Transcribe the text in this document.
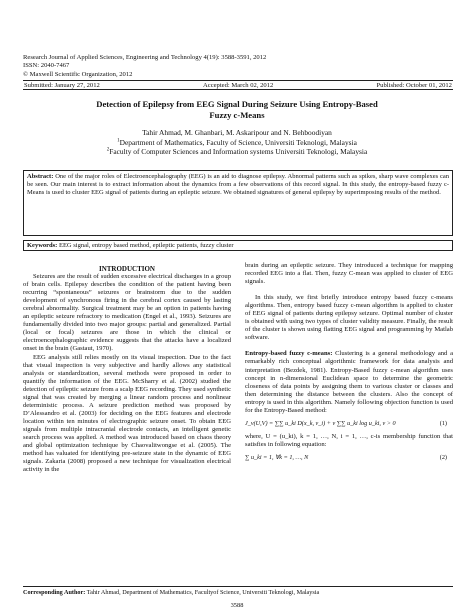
Research Journal of Applied Sciences, Engineering and Technology 4(19): 3588-3591, 2012
ISSN: 2040-7467
© Maxwell Scientific Organization, 2012
Submitted: January 27, 2012	Accepted: March 02, 2012	Published: October 01, 2012
Detection of Epilepsy from EEG Signal During Seizure Using Entropy-Based
Fuzzy c-Means
Tahir Ahmad, M. Ghanbari, M. Askaripour and N. Behboodiyan
$^1$Department of Mathematics, Faculty of Science, Universiti Teknologi, Malaysia
$^2$Faculty of Computer Sciences and Information systems Universiti Teknologi, Malaysia
Abstract: One of the major roles of Electroencephalography (EEG) is an aid to diagnose epilepsy. Abnormal patterns such as spikes, sharp wave complexes can be seen. Our main interest is to extract information about the dynamics from a few observations of this record signal. In this study, the entropy-based fuzzy c-Means is used to cluster EEG signal of patients during an epileptic seizure. We obtained signatures of general epilepsy by superimposing results of the method.
Keywords: EEG signal, entropy based method, epileptic patients, fuzzy cluster

INTRODUCTION

Seizures are the result of sudden excessive electrical discharges in a group of brain cells. Epilepsy describes the condition of the patient having been recurring “spontaneous” seizures or brainstorm due to the sudden development of synchronous firing in the cerebral cortex caused by lasting cerebral abnormality. Surgical treatment may be an option in patients having an epileptic seizure refractory to medication (Engel et al., 1993). Seizures are fundamentally divided into two major groups: partial and generalized. Partial (local or focal) seizures are those in which the clinical or electroencephalographic evidence suggests that the attacks have a localized onset in the brain (Gastaut, 1970).

EEG analysis still relies mostly on its visual inspection. Due to the fact that visual inspection is very subjective and hardly allows any statistical analysis or standardization, several methods were proposed in order to quantify the information of the EEG. McSharry et al. (2002) studied the detection of epileptic seizure from a scalp EEG recording. They used synthetic signal that was created by merging a linear random process and nonlinear deterministic process. A seizure prediction method was proposed by D’Alessandro et al. (2003) for deciding on the EEG features and electrode location within ten minutes of electrographic seizure onset. To obtain EEG signals from multiple intracranial electrode contacts, an intelligent genetic search process was applied. A method was introduced based on chaos theory and global optimization technique by Chaovalitwongse et al. (2005). The method has valuated for identifying pre-seizure state in the dynamic of EEG signals. Zakaria (2008) proposed a new technique for visualization electrical activity in the

brain during an epileptic seizure. They introduced a technique for mapping recorded EEG into a flat. Then, fuzzy C-mean was applied to cluster of EEG signals.

In this study, we first briefly introduce entropy based fuzzy c-means algorithms. Then, entropy based fuzzy c-mean algorithm is applied to cluster of EEG signal of patients during epilepsy seizure. Optimal number of cluster is obtained with using two types of cluster validity measure. Finally, the result of the cluster is shown using flatting EEG signal and programming by Matlab software.

Entropy-based fuzzy c-means: Clustering is a general methodology and a remarkably rich conceptual algorithmic framework for data analysis and interpretation (Bezdek, 1981). Entropy-Based fuzzy c-mean algorithm uses concept in n-dimensional Euclidean space to determine the geometric closeness of data points by assigning them to various cluster or classes and then determining the distance between the clusters. Also the concept of entropy is used in this algorithm. Namely following objection function is used for the Entropy-Based method:

J_v(U,V) = ∑∑ u_ki D(x_k, v_i) + ν ∑∑ u_ki log u_ki, ν > 0	(1)

where, U = (u_ki), k = 1, …, N, i = 1, …, c-is membership function that satisfies in following equation:

∑ u_ki = 1, ∀k = 1, …, N	(2)
Corresponding Author: Tahir Ahmad, Department of Mathematics, Facultyof Science, Universiti Teknologi, Malaysia
3588
